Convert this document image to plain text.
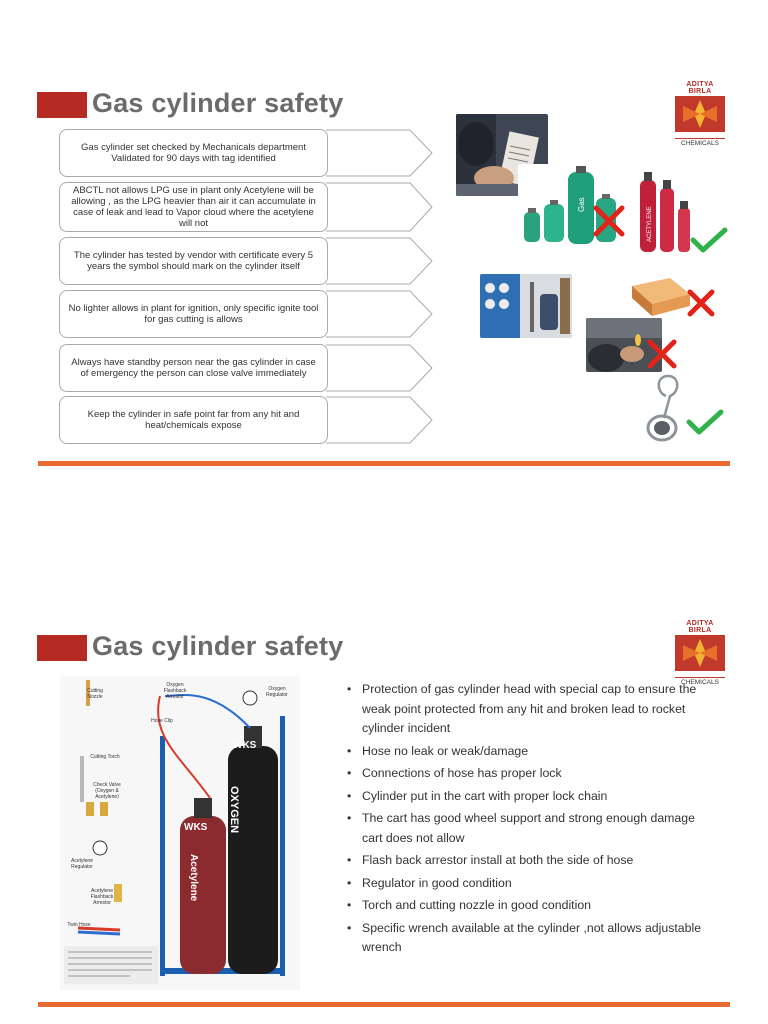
Gas cylinder safety
ADITYA BIRLA
CHEMICALS
Gas cylinder set checked by Mechanicals department Validated for 90 days with tag identified
ABCTL not allows LPG use in plant only Acetylene will be allowing , as the LPG heavier than air it can accumulate in case of leak and lead to Vapor cloud where the acetylene will not
The cylinder has tested by vendor with certificate every 5 years the symbol should mark on the cylinder itself
No lighter allows in plant for ignition, only specific ignite tool for gas cutting is allows
Always have standby person near the gas cylinder in case of emergency the person can close valve immediately
Keep the cylinder in safe point far from any hit and heat/chemicals expose
Gas
ACETYLENE
Gas cylinder safety
ADITYA BIRLA
CHEMICALS
Cutting Nozzle
Oxygen Flashback Arrestor
Oxygen Regulator
Hose Clip
Cutting Torch
Check Valve (Oxygen & Acetylene)
Acetylene Regulator
Acetylene Flashback Arrestor
Twin Hose
WKS
OXYGEN
WKS
Acetylene
• Protection of gas cylinder head with special cap to ensure the weak point protected from any hit and broken lead to rocket cylinder incident
• Hose no leak or weak/damage
• Connections of hose has proper lock
• Cylinder put in the cart with proper lock chain
• The cart has good wheel support and strong enough damage cart does not allow
• Flash back arrestor install at both the side of hose
• Regulator in good condition
• Torch and cutting nozzle in good condition
• Specific wrench available at the cylinder ,not allows adjustable wrench
